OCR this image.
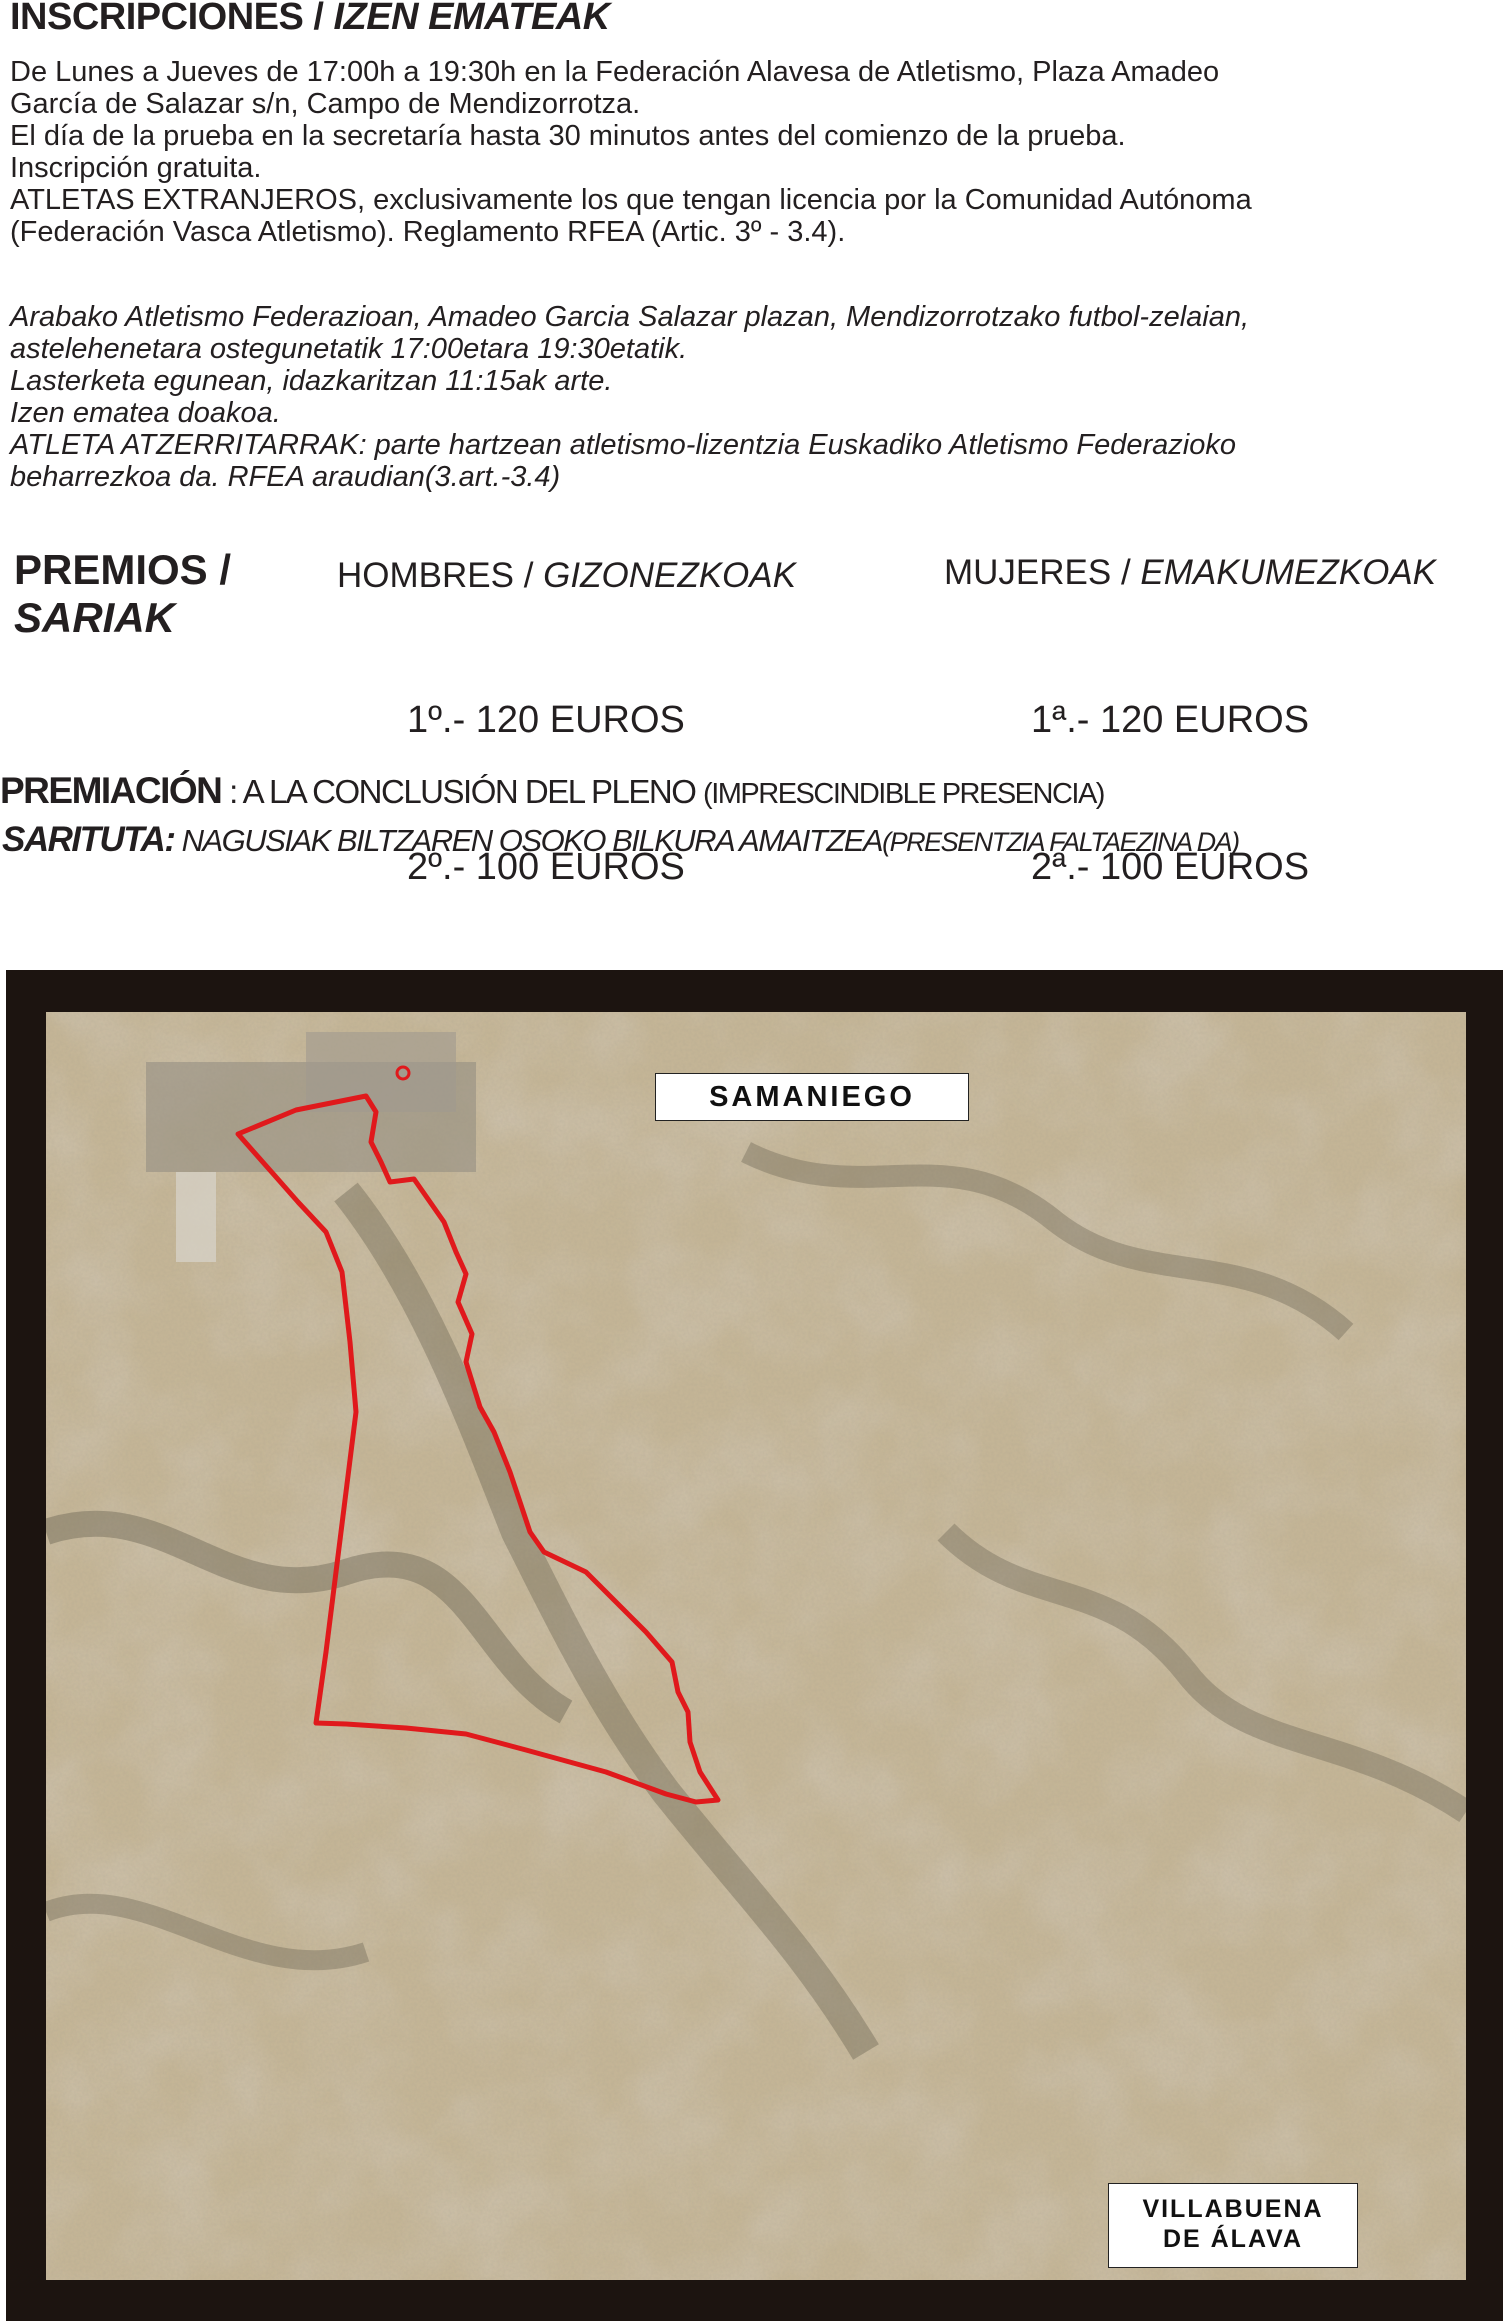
INSCRIPCIONES / IZEN EMATEAK
De Lunes a Jueves de 17:00h a 19:30h en la Federación Alavesa de Atletismo, Plaza Amadeo
García de Salazar s/n, Campo de Mendizorrotza.
El día de la prueba en la secretaría hasta 30 minutos antes del comienzo de la prueba.
Inscripción gratuita.
ATLETAS EXTRANJEROS, exclusivamente los que tengan licencia por la Comunidad Autónoma
(Federación Vasca Atletismo). Reglamento RFEA (Artic. 3º - 3.4).
Arabako Atletismo Federazioan, Amadeo Garcia Salazar plazan, Mendizorrotzako futbol-zelaian,
astelehenetara ostegunetatik 17:00etara 19:30etatik.
Lasterketa egunean, idazkaritzan 11:15ak arte.
Izen ematea doakoa.
ATLETA ATZERRITARRAK: parte hartzean atletismo-lizentzia Euskadiko Atletismo Federazioko
beharrezkoa da. RFEA araudian(3.art.-3.4)
PREMIOS /
SARIAK
HOMBRES / GIZONEZKOAK

1º.- 120 EUROS

2º.- 100 EUROS

MUJERES / EMAKUMEZKOAK

1ª.- 120 EUROS

2ª.- 100 EUROS

PREMIACIÓN : A LA CONCLUSIÓN DEL PLENO (IMPRESCINDIBLE PRESENCIA)
SARITUTA: NAGUSIAK BILTZAREN OSOKO BILKURA AMAITZEA(PRESENTZIA FALTAEZINA DA)
SAMANIEGO
VILLABUENA
DE ÁLAVA
